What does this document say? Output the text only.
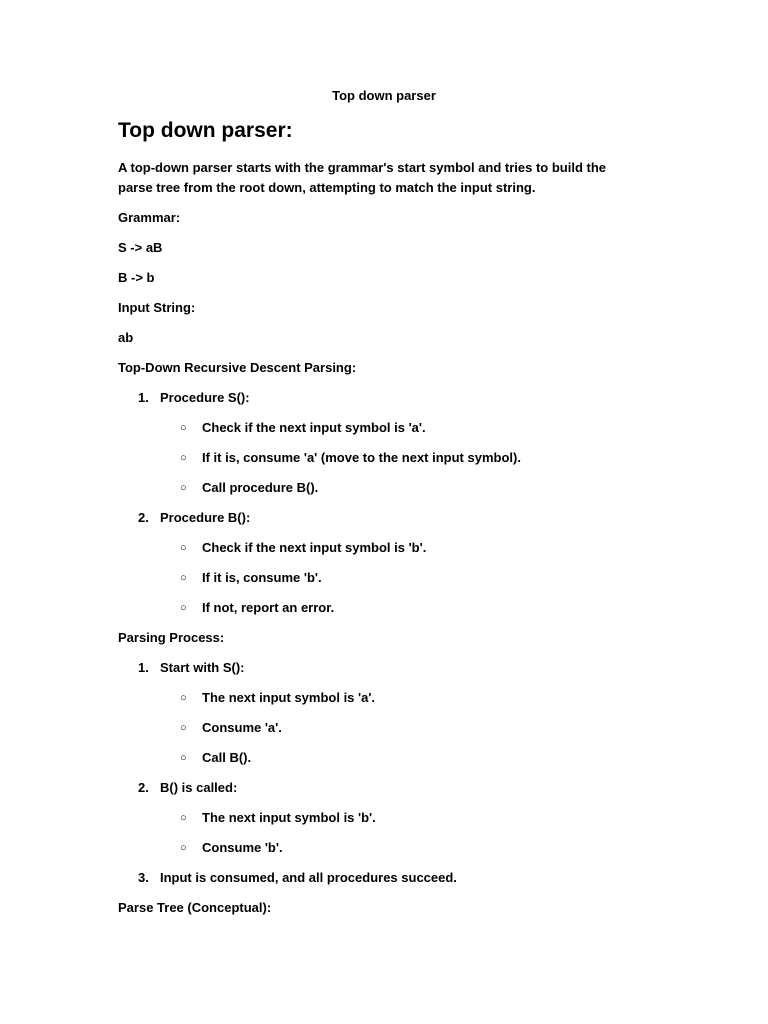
Top down parser
Top down parser:
A top-down parser starts with the grammar's start symbol and tries to build the parse tree from the root down, attempting to match the input string.
Grammar:
S -> aB
B -> b
Input String:
ab
Top-Down Recursive Descent Parsing:
1. Procedure S():
○ Check if the next input symbol is 'a'.
○ If it is, consume 'a' (move to the next input symbol).
○ Call procedure B().
2. Procedure B():
○ Check if the next input symbol is 'b'.
○ If it is, consume 'b'.
○ If not, report an error.
Parsing Process:
1. Start with S():
○ The next input symbol is 'a'.
○ Consume 'a'.
○ Call B().
2. B() is called:
○ The next input symbol is 'b'.
○ Consume 'b'.
3. Input is consumed, and all procedures succeed.
Parse Tree (Conceptual):
